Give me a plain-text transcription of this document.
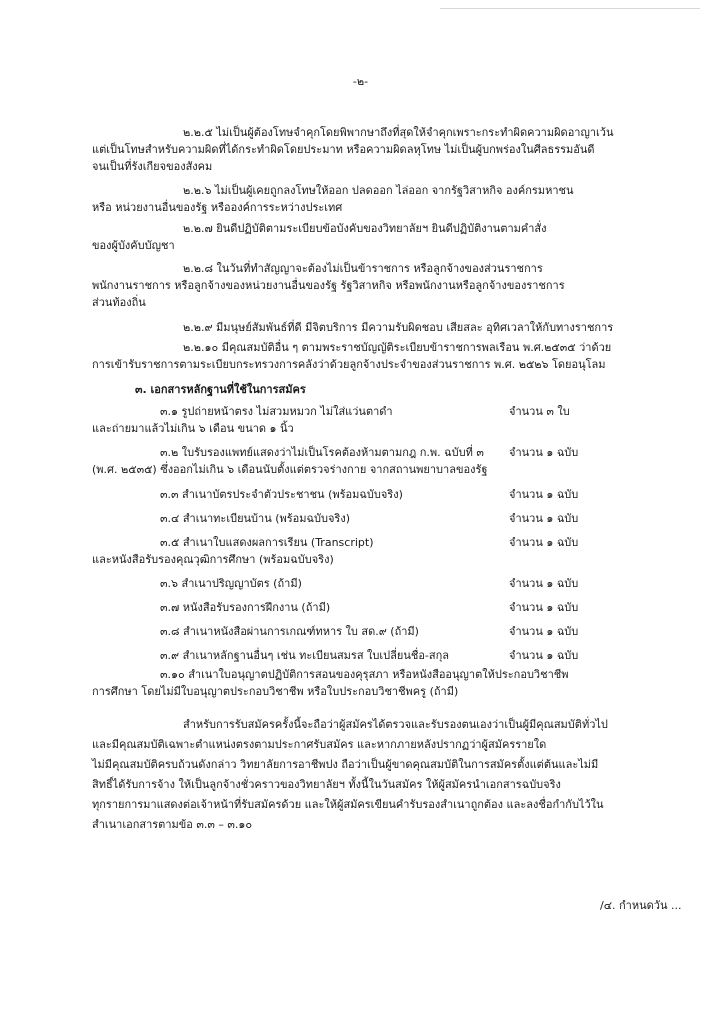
-๒-
๒.๒.๕ ไม่เป็นผู้ต้องโทษจำคุกโดยพิพากษาถึงที่สุดให้จำคุกเพราะกระทำผิดความผิดอาญาเว้น
แต่เป็นโทษสำหรับความผิดที่ได้กระทำผิดโดยประมาท หรือความผิดลหุโทษ ไม่เป็นผู้บกพร่องในศีลธรรมอันดี
จนเป็นที่รังเกียจของสังคม
๒.๒.๖ ไม่เป็นผู้เคยถูกลงโทษให้ออก ปลดออก ไล่ออก จากรัฐวิสาหกิจ องค์กรมหาชน
หรือ หน่วยงานอื่นของรัฐ หรือองค์การระหว่างประเทศ
๒.๒.๗ ยินดีปฏิบัติตามระเบียบข้อบังคับของวิทยาลัยฯ ยินดีปฏิบัติงานตามคำสั่ง
ของผู้บังคับบัญชา
๒.๒.๘ ในวันที่ทำสัญญาจะต้องไม่เป็นข้าราชการ หรือลูกจ้างของส่วนราชการ
พนักงานราชการ หรือลูกจ้างของหน่วยงานอื่นของรัฐ รัฐวิสาหกิจ หรือพนักงานหรือลูกจ้างของราชการ
ส่วนท้องถิ่น
๒.๒.๙ มีมนุษย์สัมพันธ์ที่ดี มีจิตบริการ มีความรับผิดชอบ เสียสละ อุทิศเวลาให้กับทางราชการ
๒.๒.๑๐ มีคุณสมบัติอื่น ๆ ตามพระราชบัญญัติระเบียบข้าราชการพลเรือน พ.ศ.๒๕๓๕ ว่าด้วย
การเข้ารับราชการตามระเบียบกระทรวงการคลังว่าด้วยลูกจ้างประจำของส่วนราชการ พ.ศ. ๒๕๒๖ โดยอนุโลม
๓. เอกสารหลักฐานที่ใช้ในการสมัคร
๓.๑ รูปถ่ายหน้าตรง ไม่สวมหมวก ไม่ใส่แว่นตาดำ	จำนวน ๓ ใบ
และถ่ายมาแล้วไม่เกิน ๖ เดือน ขนาด ๑ นิ้ว
๓.๒ ใบรับรองแพทย์แสดงว่าไม่เป็นโรคต้องห้ามตามกฎ ก.พ. ฉบับที่ ๓ จำนวน ๑ ฉบับ
(พ.ศ. ๒๕๓๕) ซึ่งออกไม่เกิน ๖ เดือนนับตั้งแต่ตรวจร่างกาย จากสถานพยาบาลของรัฐ
๓.๓ สำเนาบัตรประจำตัวประชาชน (พร้อมฉบับจริง)	จำนวน ๑ ฉบับ
๓.๔ สำเนาทะเบียนบ้าน (พร้อมฉบับจริง)	จำนวน ๑ ฉบับ
๓.๕ สำเนาใบแสดงผลการเรียน (Transcript)	จำนวน ๑ ฉบับ
และหนังสือรับรองคุณวุฒิการศึกษา (พร้อมฉบับจริง)
๓.๖ สำเนาปริญญาบัตร (ถ้ามี)	จำนวน ๑ ฉบับ
๓.๗ หนังสือรับรองการฝึกงาน (ถ้ามี)	จำนวน ๑ ฉบับ
๓.๘ สำเนาหนังสือผ่านการเกณฑ์ทหาร ใบ สด.๙ (ถ้ามี)	จำนวน ๑ ฉบับ
๓.๙ สำเนาหลักฐานอื่นๆ เช่น ทะเบียนสมรส ใบเปลี่ยนชื่อ-สกุล	จำนวน ๑ ฉบับ
๓.๑๐ สำเนาใบอนุญาตปฏิบัติการสอนของคุรุสภา หรือหนังสืออนุญาตให้ประกอบวิชาชีพ
การศึกษา โดยไม่มีใบอนุญาตประกอบวิชาชีพ หรือใบประกอบวิชาชีพครู (ถ้ามี)
สำหรับการรับสมัครครั้งนี้จะถือว่าผู้สมัครได้ตรวจและรับรองตนเองว่าเป็นผู้มีคุณสมบัติทั่วไป
และมีคุณสมบัติเฉพาะตำแหน่งตรงตามประกาศรับสมัคร และหากภายหลังปรากฏว่าผู้สมัครรายใด
ไม่มีคุณสมบัติครบถ้วนดังกล่าว วิทยาลัยการอาชีพปง ถือว่าเป็นผู้ขาดคุณสมบัติในการสมัครตั้งแต่ต้นและไม่มี
สิทธิ์ได้รับการจ้าง ให้เป็นลูกจ้างชั่วคราวของวิทยาลัยฯ ทั้งนี้ในวันสมัคร ให้ผู้สมัครนำเอกสารฉบับจริง
ทุกรายการมาแสดงต่อเจ้าหน้าที่รับสมัครด้วย และให้ผู้สมัครเขียนคำรับรองสำเนาถูกต้อง และลงชื่อกำกับไว้ใน
สำเนาเอกสารตามข้อ ๓.๓ – ๓.๑๐
/๔. กำหนดวัน ...
